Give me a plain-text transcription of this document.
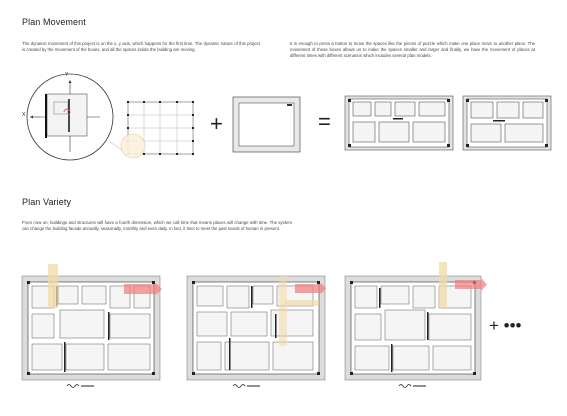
Plan Movement
The dynamic movement of this project is on the x, y axis, which happens for the first time. The dynamic nature of this project is created by the movement of the boxes, and all the spaces inside the building are moving.
It is enough to press a button to move the spaces like the pieces of puzzle which make one place move to another place. The movement of these boxes allows us to make the spaces smaller and larger and finally, we have the movement of places at different times with different scenarios which includes several plan models.
X
Y
+	=
Plan Variety
From now on, buildings and structures will have a fourth dimension, which we call time that means places will change with time. The system can change the building facade annually, seasonally, monthly and even daily. In fact, it tries to meet the past needs of human in present.
+ •••
